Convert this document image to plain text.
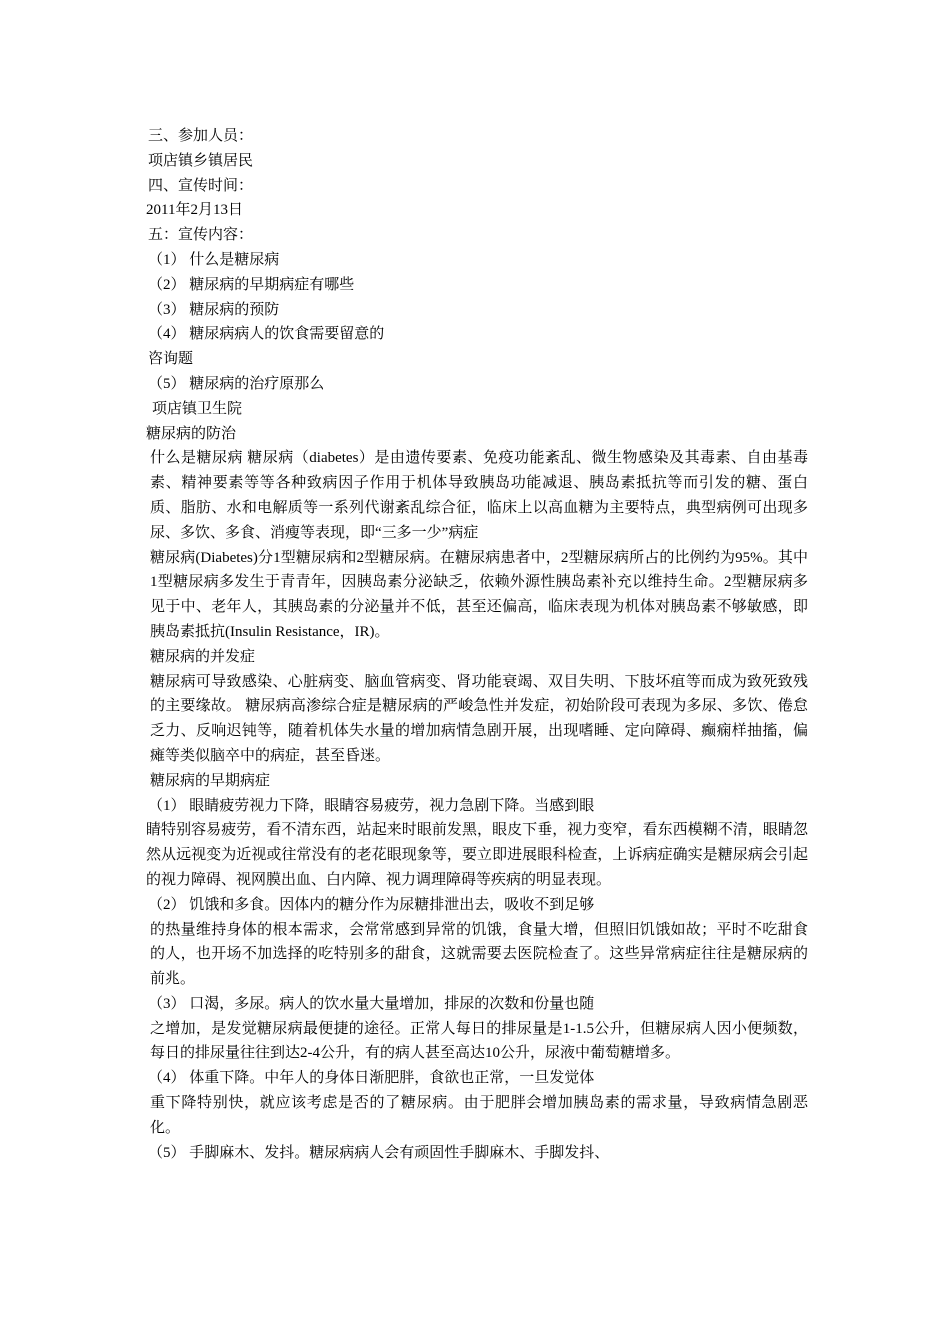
三、参加人员：
项店镇乡镇居民
四、宣传时间：
2011年2月13日
五：宣传内容：
（1） 什么是糖尿病
（2） 糖尿病的早期病症有哪些
（3） 糖尿病的预防
（4） 糖尿病病人的饮食需要留意的
咨询题
（5） 糖尿病的治疗原那么
项店镇卫生院
糖尿病的防治

什么是糖尿病 糖尿病（diabetes）是由遗传要素、免疫功能紊乱、微生物感染及其毒素、自由基毒素、精神要素等等各种致病因子作用于机体导致胰岛功能减退、胰岛素抵抗等而引发的糖、蛋白质、脂肪、水和电解质等一系列代谢紊乱综合征，临床上以高血糖为主要特点，典型病例可出现多尿、多饮、多食、消瘦等表现，即“三多一少”病症

糖尿病(Diabetes)分1型糖尿病和2型糖尿病。在糖尿病患者中，2型糖尿病所占的比例约为95%。其中1型糖尿病多发生于青青年，因胰岛素分泌缺乏，依赖外源性胰岛素补充以维持生命。2型糖尿病多见于中、老年人，其胰岛素的分泌量并不低，甚至还偏高，临床表现为机体对胰岛素不够敏感，即胰岛素抵抗(Insulin Resistance，IR)。

糖尿病的并发症

糖尿病可导致感染、心脏病变、脑血管病变、肾功能衰竭、双目失明、下肢坏疽等而成为致死致残的主要缘故。 糖尿病高渗综合症是糖尿病的严峻急性并发症，初始阶段可表现为多尿、多饮、倦怠乏力、反响迟钝等，随着机体失水量的增加病情急剧开展，出现嗜睡、定向障碍、癫痫样抽搐，偏瘫等类似脑卒中的病症，甚至昏迷。

糖尿病的早期病症
（1） 眼睛疲劳视力下降，眼睛容易疲劳，视力急剧下降。当感到眼

睛特别容易疲劳，看不清东西，站起来时眼前发黑，眼皮下垂，视力变窄，看东西模糊不清，眼睛忽然从远视变为近视或往常没有的老花眼现象等，要立即进展眼科检查，上诉病症确实是糖尿病会引起的视力障碍、视网膜出血、白内障、视力调理障碍等疾病的明显表现。

（2） 饥饿和多食。因体内的糖分作为尿糖排泄出去，吸收不到足够

的热量维持身体的根本需求，会常常感到异常的饥饿，食量大增，但照旧饥饿如故；平时不吃甜食的人，也开场不加选择的吃特别多的甜食，这就需要去医院检查了。这些异常病症往往是糖尿病的前兆。

（3） 口渴，多尿。病人的饮水量大量增加，排尿的次数和份量也随

之增加，是发觉糖尿病最便捷的途径。正常人每日的排尿量是1-1.5公升，但糖尿病人因小便频数，每日的排尿量往往到达2-4公升，有的病人甚至高达10公升，尿液中葡萄糖增多。

（4） 体重下降。中年人的身体日渐肥胖，食欲也正常，一旦发觉体

重下降特别快，就应该考虑是否的了糖尿病。由于肥胖会增加胰岛素的需求量，导致病情急剧恶化。

（5） 手脚麻木、发抖。糖尿病病人会有顽固性手脚麻木、手脚发抖、
